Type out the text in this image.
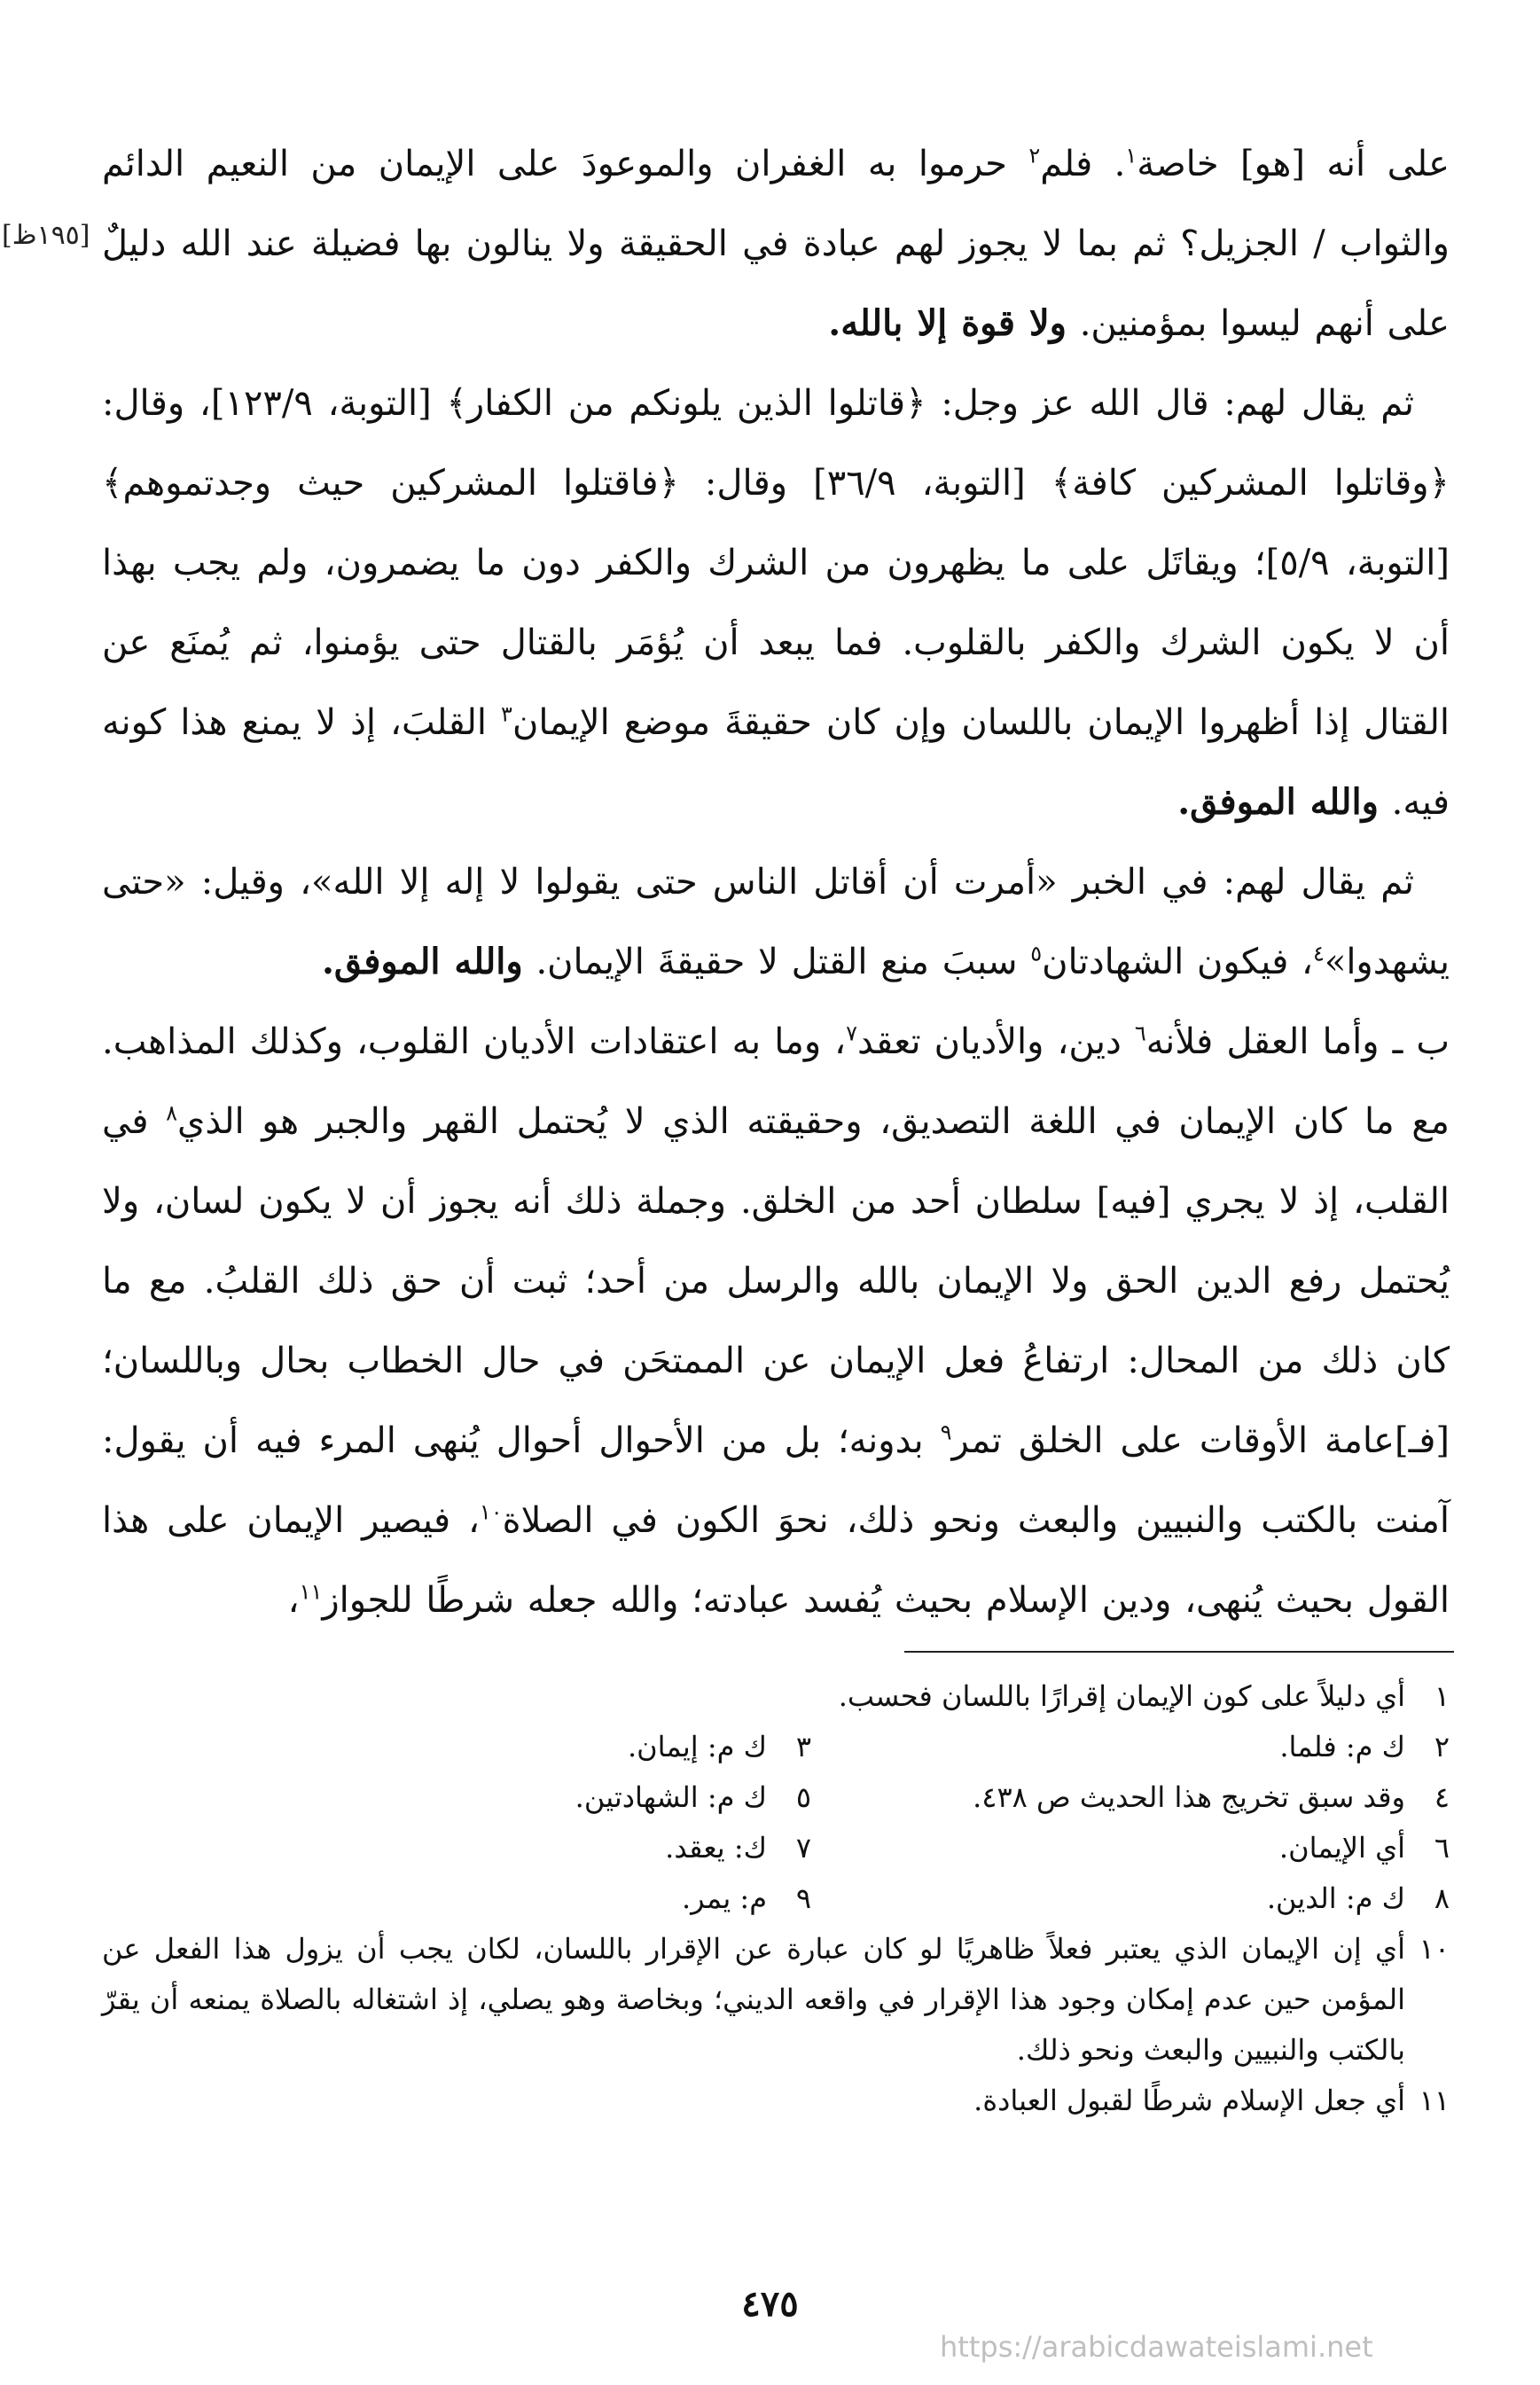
[١٩٥ظ]

على أنه [هو] خاصة$^١$. فلم$^٢$ حرموا به الغفران والموعودَ على الإيمان من النعيم الدائم والثواب / الجزيل؟ ثم بما لا يجوز لهم عبادة في الحقيقة ولا ينالون بها فضيلة عند الله دليلٌ على أنهم ليسوا بمؤمنين. ولا قوة إلا بالله.

ثم يقال لهم: قال الله عز وجل: ﴿قاتلوا الذين يلونكم من الكفار﴾ [التوبة، ١٢٣/٩]، وقال: ﴿وقاتلوا المشركين كافة﴾ [التوبة، ٣٦/٩] وقال: ﴿فاقتلوا المشركين حيث وجدتموهم﴾ [التوبة، ٥/٩]؛ ويقاتَل على ما يظهرون من الشرك والكفر دون ما يضمرون، ولم يجب بهذا أن لا يكون الشرك والكفر بالقلوب. فما يبعد أن يُؤمَر بالقتال حتى يؤمنوا، ثم يُمنَع عن القتال إذا أظهروا الإيمان باللسان وإن كان حقيقةَ موضع الإيمان$^٣$ القلبَ، إذ لا يمنع هذا كونه فيه. والله الموفق.

ثم يقال لهم: في الخبر «أمرت أن أقاتل الناس حتى يقولوا لا إله إلا الله»، وقيل: «حتى يشهدوا»$^٤$، فيكون الشهادتان$^٥$ سببَ منع القتل لا حقيقةَ الإيمان. والله الموفق.

ب ـ وأما العقل فلأنه$^٦$ دين، والأديان تعقد$^٧$، وما به اعتقادات الأديان القلوب، وكذلك المذاهب. مع ما كان الإيمان في اللغة التصديق، وحقيقته الذي لا يُحتمل القهر والجبر هو الذي$^٨$ في القلب، إذ لا يجري [فيه] سلطان أحد من الخلق. وجملة ذلك أنه يجوز أن لا يكون لسان، ولا يُحتمل رفع الدين الحق ولا الإيمان بالله والرسل من أحد؛ ثبت أن حق ذلك القلبُ. مع ما كان ذلك من المحال: ارتفاعُ فعل الإيمان عن الممتحَن في حال الخطاب بحال وباللسان؛ [فـ]عامة الأوقات على الخلق تمر$^٩$ بدونه؛ بل من الأحوال أحوال يُنهى المرء فيه أن يقول: آمنت بالكتب والنبيين والبعث ونحو ذلك، نحوَ الكون في الصلاة$^{١٠}$، فيصير الإيمان على هذا القول بحيث يُنهى، ودين الإسلام بحيث يُفسد عبادته؛ والله جعله شرطًا للجواز$^{١١}$،

١
أي دليلاً على كون الإيمان إقرارًا باللسان فحسب.
٢
ك م: فلما.
٣
ك م: إيمان.
٤
وقد سبق تخريج هذا الحديث ص ٤٣٨.
٥
ك م: الشهادتين.
٦
أي الإيمان.
٧
ك: يعقد.
٨
ك م: الدين.
٩
م: يمر.
١٠
أي إن الإيمان الذي يعتبر فعلاً ظاهريًا لو كان عبارة عن الإقرار باللسان، لكان يجب أن يزول هذا الفعل عن المؤمن حين عدم إمكان وجود هذا الإقرار في واقعه الديني؛ وبخاصة وهو يصلي، إذ اشتغاله بالصلاة يمنعه أن يقرّ بالكتب والنبيين والبعث ونحو ذلك.
١١
أي جعل الإسلام شرطًا لقبول العبادة.
٤٧٥
https://arabicdawateislami.net
